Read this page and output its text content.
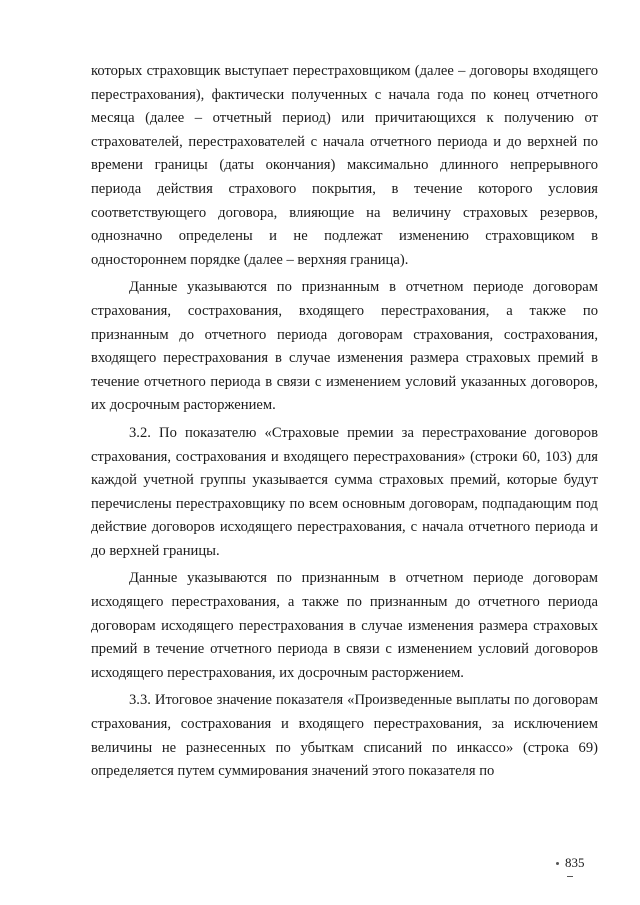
которых страховщик выступает перестраховщиком (далее – договоры входящего перестрахования), фактически полученных с начала года по конец отчетного месяца (далее – отчетный период) или причитающихся к получению от страхователей, перестрахователей с начала отчетного периода и до верхней по времени границы (даты окончания) максимально длинного непрерывного периода действия страхового покрытия, в течение которого условия соответствующего договора, влияющие на величину страховых резервов, однозначно определены и не подлежат изменению страховщиком в одностороннем порядке (далее – верхняя граница).

Данные указываются по признанным в отчетном периоде договорам страхования, сострахования, входящего перестрахования, а также по признанным до отчетного периода договорам страхования, сострахования, входящего перестрахования в случае изменения размера страховых премий в течение отчетного периода в связи с изменением условий указанных договоров, их досрочным расторжением.

3.2. По показателю «Страховые премии за перестрахование договоров страхования, сострахования и входящего перестрахования» (строки 60, 103) для каждой учетной группы указывается сумма страховых премий, которые будут перечислены перестраховщику по всем основным договорам, подпадающим под действие договоров исходящего перестрахования, с начала отчетного периода и до верхней границы.

Данные указываются по признанным в отчетном периоде договорам исходящего перестрахования, а также по признанным до отчетного периода договорам исходящего перестрахования в случае изменения размера страховых премий в течение отчетного периода в связи с изменением условий договоров исходящего перестрахования, их досрочным расторжением.

3.3. Итоговое значение показателя «Произведенные выплаты по договорам страхования, сострахования и входящего перестрахования, за исключением величины не разнесенных по убыткам списаний по инкассо» (строка 69) определяется путем суммирования значений этого показателя по

835
